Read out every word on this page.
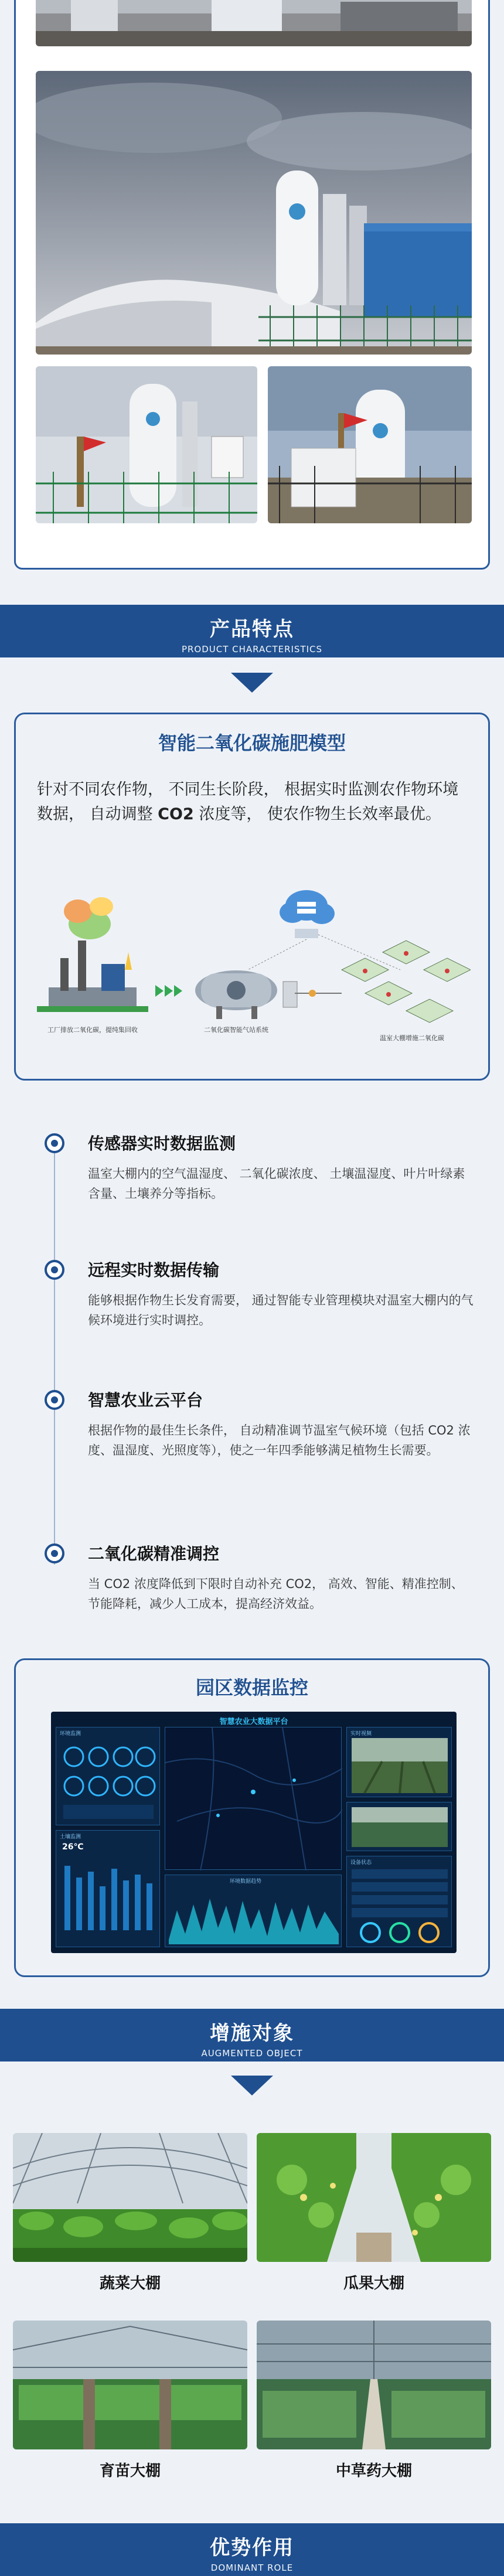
产品特点
PRODUCT CHARACTERISTICS
智能二氧化碳施肥模型
针对不同农作物， 不同生长阶段， 根据实时监测农作物环境数据， 自动调整 CO2 浓度等， 使农作物生长效率最优。
工厂排放二氧化碳，提纯集回收	二氧化碳智能气站系统
温室大棚增施二氧化碳
传感器实时数据监测
温室大棚内的空气温湿度、 二氧化碳浓度、 土壤温湿度、叶片叶绿素含量、土壤养分等指标。
远程实时数据传输
能够根据作物生长发育需要， 通过智能专业管理模块对温室大棚内的气候环境进行实时调控。
智慧农业云平台
根据作物的最佳生长条件， 自动精准调节温室气候环境（包括 CO2 浓度、温湿度、光照度等），使之一年四季能够满足植物生长需要。
二氧化碳精准调控
当 CO2 浓度降低到下限时自动补充 CO2， 高效、智能、精准控制、节能降耗，减少人工成本，提高经济效益。
园区数据监控
智慧农业大数据平台
环境监测
土壤监测
26℃
环境数据趋势
实时视频
设备状态
增施对象
AUGMENTED OBJECT
蔬菜大棚	瓜果大棚
育苗大棚	中草药大棚
优势作用
DOMINANT ROLE
